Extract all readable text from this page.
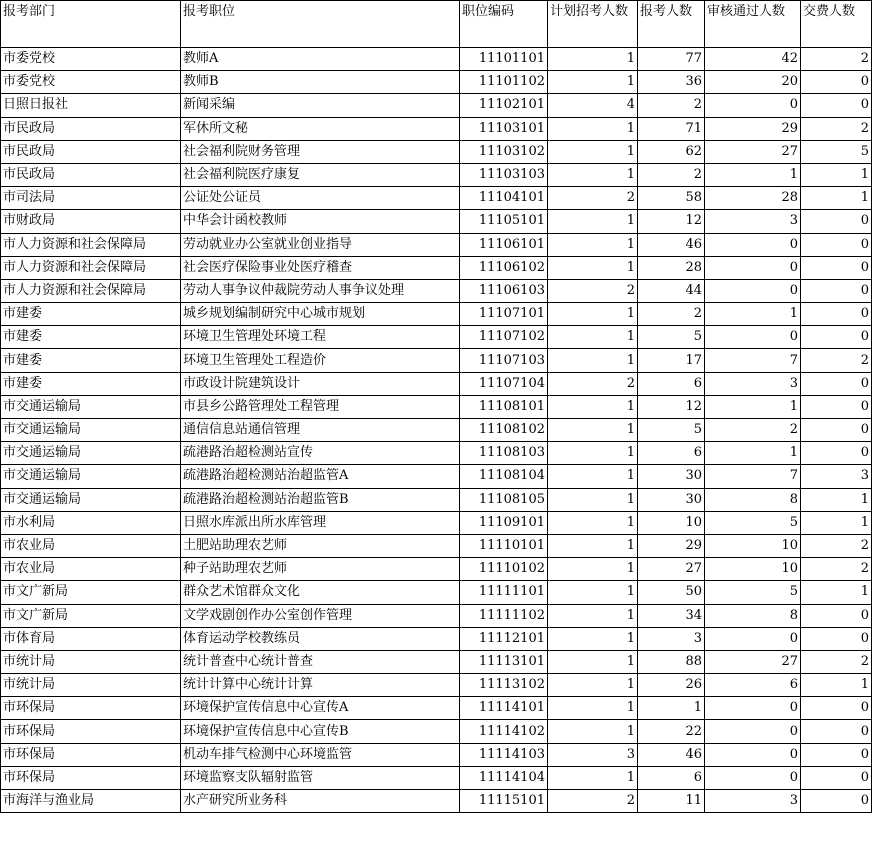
报考部门	报考职位	职位编码	计划招考人数	报考人数	审核通过人数	交费人数
市委党校	教师A	11101101	1	77	42	2
市委党校	教师B	11101102	1	36	20	0
日照日报社	新闻采编	11102101	4	2	0	0
市民政局	军休所文秘	11103101	1	71	29	2
市民政局	社会福利院财务管理	11103102	1	62	27	5
市民政局	社会福利院医疗康复	11103103	1	2	1	1
市司法局	公证处公证员	11104101	2	58	28	1
市财政局	中华会计函校教师	11105101	1	12	3	0
市人力资源和社会保障局	劳动就业办公室就业创业指导	11106101	1	46	0	0
市人力资源和社会保障局	社会医疗保险事业处医疗稽查	11106102	1	28	0	0
市人力资源和社会保障局	劳动人事争议仲裁院劳动人事争议处理	11106103	2	44	0	0
市建委	城乡规划编制研究中心城市规划	11107101	1	2	1	0
市建委	环境卫生管理处环境工程	11107102	1	5	0	0
市建委	环境卫生管理处工程造价	11107103	1	17	7	2
市建委	市政设计院建筑设计	11107104	2	6	3	0
市交通运输局	市县乡公路管理处工程管理	11108101	1	12	1	0
市交通运输局	通信信息站通信管理	11108102	1	5	2	0
市交通运输局	疏港路治超检测站宣传	11108103	1	6	1	0
市交通运输局	疏港路治超检测站治超监管A	11108104	1	30	7	3
市交通运输局	疏港路治超检测站治超监管B	11108105	1	30	8	1
市水利局	日照水库派出所水库管理	11109101	1	10	5	1
市农业局	土肥站助理农艺师	11110101	1	29	10	2
市农业局	种子站助理农艺师	11110102	1	27	10	2
市文广新局	群众艺术馆群众文化	11111101	1	50	5	1
市文广新局	文学戏剧创作办公室创作管理	11111102	1	34	8	0
市体育局	体育运动学校教练员	11112101	1	3	0	0
市统计局	统计普查中心统计普查	11113101	1	88	27	2
市统计局	统计计算中心统计计算	11113102	1	26	6	1
市环保局	环境保护宣传信息中心宣传A	11114101	1	1	0	0
市环保局	环境保护宣传信息中心宣传B	11114102	1	22	0	0
市环保局	机动车排气检测中心环境监管	11114103	3	46	0	0
市环保局	环境监察支队辐射监管	11114104	1	6	0	0
市海洋与渔业局	水产研究所业务科	11115101	2	11	3	0
